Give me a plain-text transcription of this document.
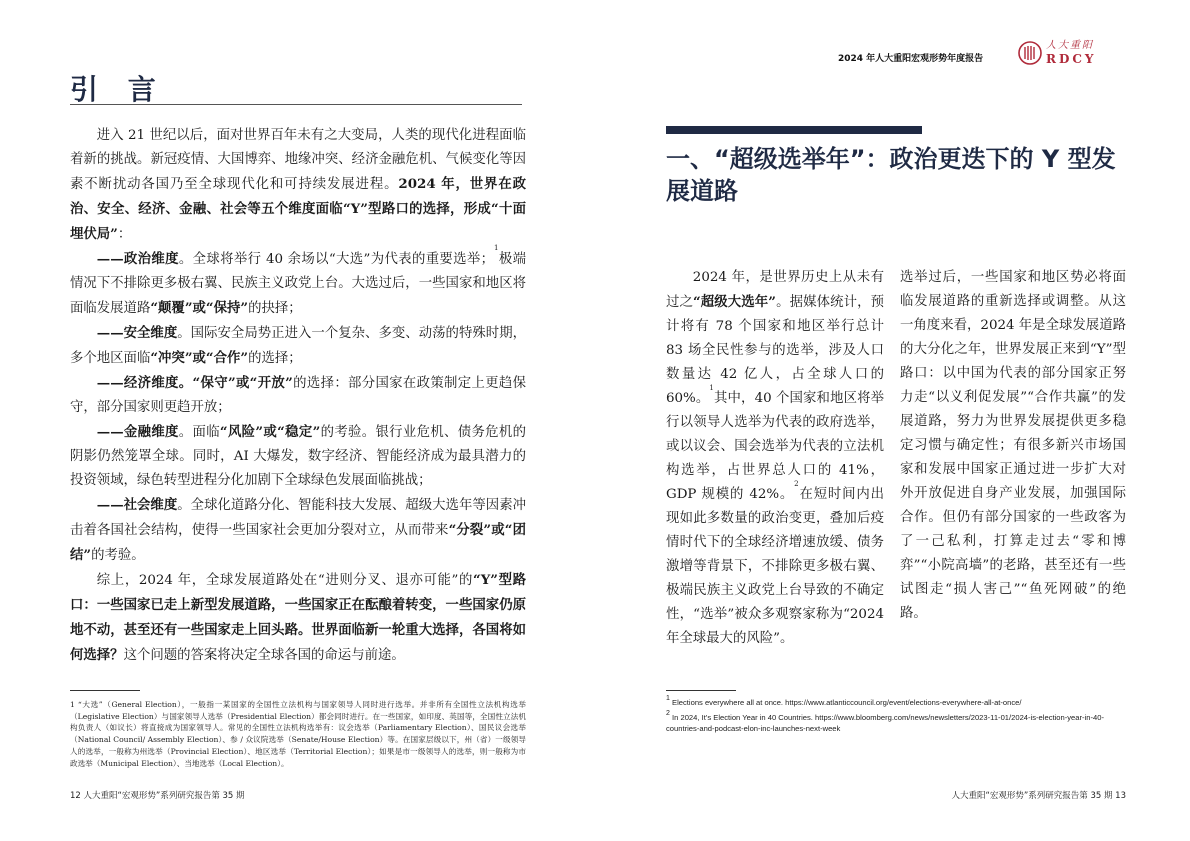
2024 年人大重阳宏观形势年度报告
人大重阳
RDCY
引 言

进入 21 世纪以后，面对世界百年未有之大变局，人类的现代化进程面临着新的挑战。新冠疫情、大国博弈、地缘冲突、经济金融危机、气候变化等因素不断扰动各国乃至全球现代化和可持续发展进程。2024 年，世界在政治、安全、经济、金融、社会等五个维度面临“Y”型路口的选择，形成“十面埋伏局”：

——政治维度。全球将举行 40 余场以“大选”为代表的重要选举；$^1$极端情况下不排除更多极右翼、民族主义政党上台。大选过后，一些国家和地区将面临发展道路“颠覆”或“保持”的抉择；

——安全维度。国际安全局势正进入一个复杂、多变、动荡的特殊时期，多个地区面临“冲突”或“合作”的选择；

——经济维度。“保守”或“开放”的选择：部分国家在政策制定上更趋保守，部分国家则更趋开放；

——金融维度。面临“风险”或“稳定”的考验。银行业危机、债务危机的阴影仍然笼罩全球。同时，AI 大爆发，数字经济、智能经济成为最具潜力的投资领域，绿色转型进程分化加剧下全球绿色发展面临挑战；

——社会维度。全球化道路分化、智能科技大发展、超级大选年等因素冲击着各国社会结构，使得一些国家社会更加分裂对立，从而带来“分裂”或“团结”的考验。

综上，2024 年，全球发展道路处在“进则分叉、退亦可能”的“Y”型路口：一些国家已走上新型发展道路，一些国家正在酝酿着转变，一些国家仍原地不动，甚至还有一些国家走上回头路。世界面临新一轮重大选择，各国将如何选择？这个问题的答案将决定全球各国的命运与前途。

1 “大选”（General Election），一般指一某国家的全国性立法机构与国家领导人同时进行选举。并非所有全国性立法机构选举（Legislative Election）与国家领导人选举（Presidential Election）都会同时进行。在一些国家，如印度、英国等，全国性立法机构负责人（如议长）将直接成为国家领导人。常见的全国性立法机构选举有：议会选举（Parliamentary Election）、国民议会选举（National Council/ Assembly Election）、参 / 众议院选举（Senate/House Election）等。在国家层级以下，州（省）一级领导人的选举，一般称为州选举（Provincial Election）、地区选举（Territorial Election）；如果是市一级领导人的选举，则一般称为市政选举（Municipal Election）、当地选举（Local Election）。
12 人大重阳“宏观形势”系列研究报告第 35 期
一、“超级选举年”：政治更迭下的 Y 型发展道路

2024 年，是世界历史上从未有过之“超级大选年”。据媒体统计，预计将有 78 个国家和地区举行总计 83 场全民性参与的选举，涉及人口数量达 42 亿人，占全球人口的 60%。$^1$其中，40 个国家和地区将举行以领导人选举为代表的政府选举，或以议会、国会选举为代表的立法机构选举，占世界总人口的 41%，GDP 规模的 42%。$^2$在短时间内出现如此多数量的政治变更，叠加后疫情时代下的全球经济增速放缓、债务激增等背景下，不排除更多极右翼、极端民族主义政党上台导致的不确定性，“选举”被众多观察家称为“2024 年全球最大的风险”。

选举过后，一些国家和地区势必将面临发展道路的重新选择或调整。从这一角度来看，2024 年是全球发展道路的大分化之年，世界发展正来到“Y”型路口：以中国为代表的部分国家正努力走“以义利促发展”“合作共赢”的发展道路，努力为世界发展提供更多稳定习惯与确定性；有很多新兴市场国家和发展中国家正通过进一步扩大对外开放促进自身产业发展，加强国际合作。但仍有部分国家的一些政客为了一己私利，打算走过去“零和博弈”“小院高墙”的老路，甚至还有一些试图走“损人害己”“鱼死网破”的绝路。

$^1$ Elections everywhere all at once. https://www.atlanticcouncil.org/event/elections-everywhere-all-at-once/
$^2$ In 2024, It’s Election Year in 40 Countries. https://www.bloomberg.com/news/newsletters/2023-11-01/2024-is-election-year-in-40-countries-and-podcast-elon-inc-launches-next-week
人大重阳“宏观形势”系列研究报告第 35 期 13
